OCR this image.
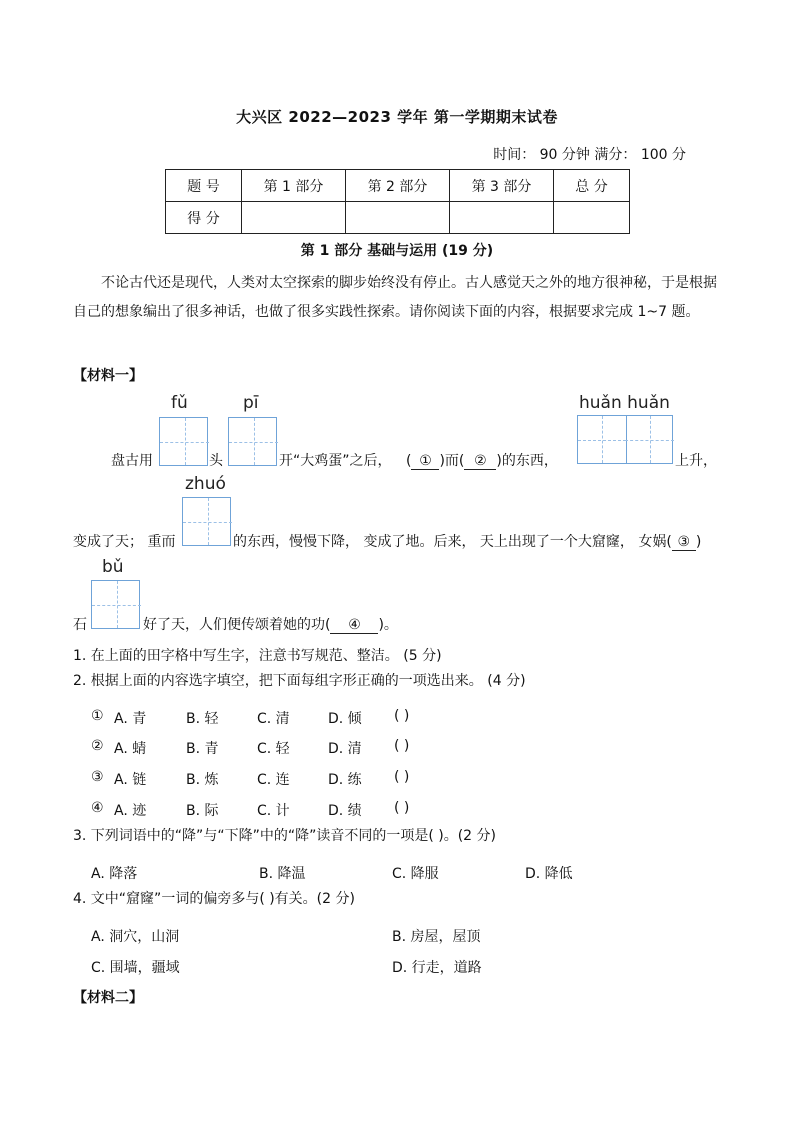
大兴区 2022—2023 学年 第一学期期末试卷
时间： 90 分钟 满分： 100 分
题 号	第 1 部分	第 2 部分	第 3 部分	总 分
得 分				
第 1 部分 基础与运用 (19 分)
不论古代还是现代，人类对太空探索的脚步始终没有停止。古人感觉天之外的地方很神秘，于是根据自己的想象编出了很多神话，也做了很多实践性探索。请你阅读下面的内容，根据要求完成 1~7 题。
【材料一】
fǔ	pī	huǎn huǎn
zhuó
bǔ
盘古用	头	开“大鸡蛋”之后， ( ① )而( ② )的东西，	上升，
变成了天； 重而	的东西，慢慢下降， 变成了地。后来， 天上出现了一个大窟窿， 女娲( ③ )
石	好了天，人们便传颂着她的功( ④ )。
1. 在上面的田字格中写生字，注意书写规范、整洁。 (5 分)
2. 根据上面的内容选字填空，把下面每组字形正确的一项选出来。 (4 分)
① A. 青	B. 轻	C. 清	D. 倾 ( )
② A. 蜻	B. 青	C. 轻	D. 清 ( )
③ A. 链	B. 炼	C. 连	D. 练 ( )
④ A. 迹	B. 际	C. 计	D. 绩 ( )
3. 下列词语中的“降”与“下降”中的“降”读音不同的一项是( )。(2 分)
A. 降落	B. 降温	C. 降服	D. 降低
4. 文中“窟窿”一词的偏旁多与( )有关。(2 分)
A. 洞穴，山洞	B. 房屋，屋顶
C. 围墙，疆域	D. 行走，道路
【材料二】
